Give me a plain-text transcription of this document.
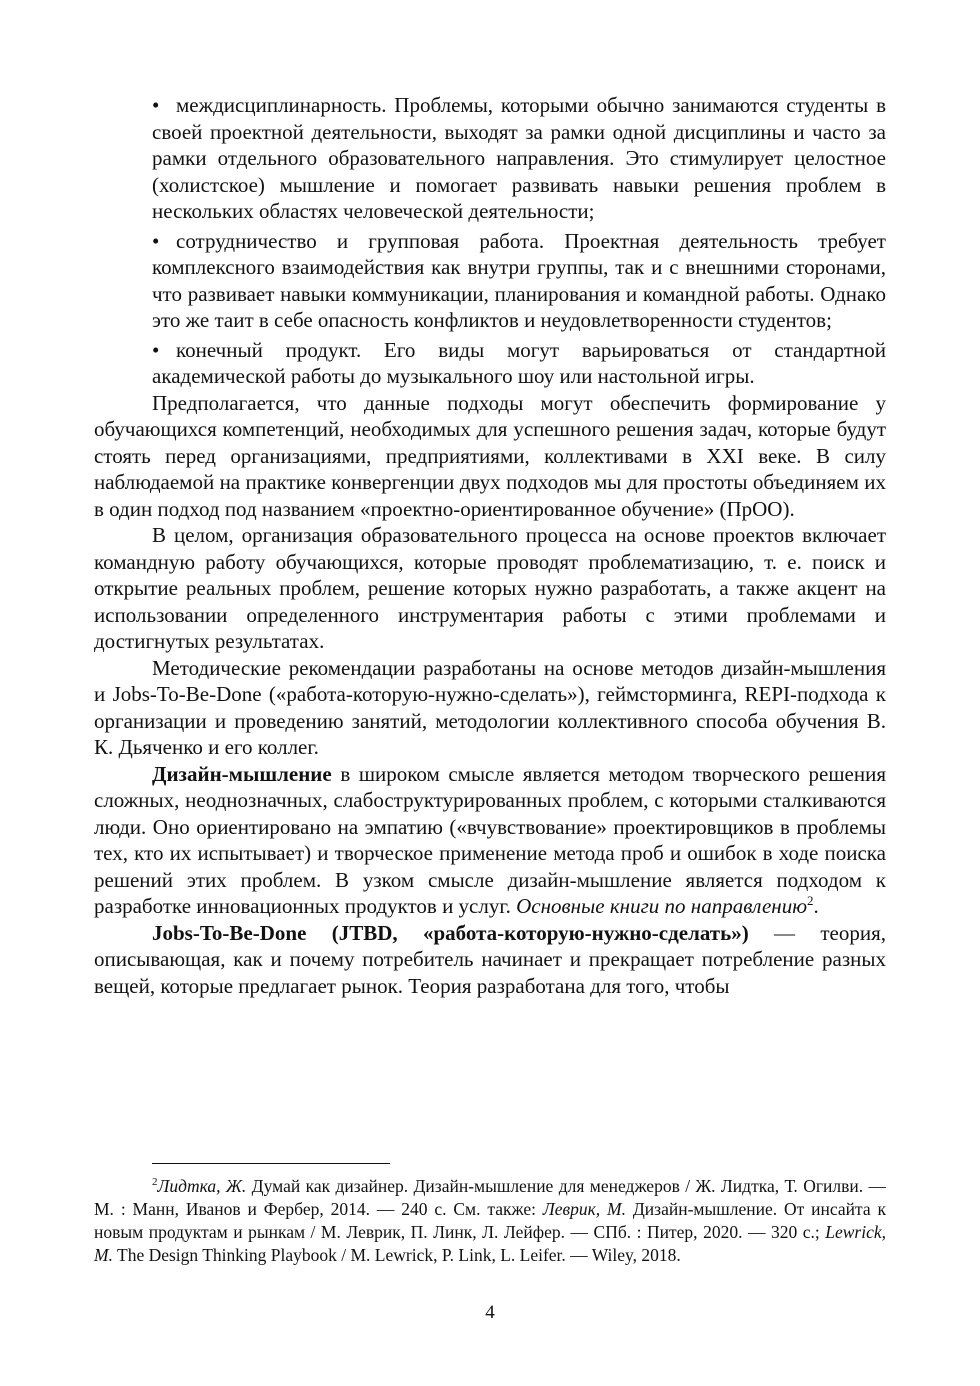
• междисциплинарность. Проблемы, которыми обычно занимаются студенты в своей проектной деятельности, выходят за рамки одной дисциплины и часто за рамки отдельного образовательного направления. Это стимулирует целостное (холистское) мышление и помогает развивать навыки решения проблем в нескольких областях человеческой деятельности;

• сотрудничество и групповая работа. Проектная деятельность требует комплексного взаимодействия как внутри группы, так и с внешними сторонами, что развивает навыки коммуникации, планирования и командной работы. Однако это же таит в себе опасность конфликтов и неудовлетворенности студентов;

• конечный продукт. Его виды могут варьироваться от стандартной академической работы до музыкального шоу или настольной игры.

Предполагается, что данные подходы могут обеспечить формирование у обучающихся компетенций, необходимых для успешного решения задач, которые будут стоять перед организациями, предприятиями, коллективами в XXI веке. В силу наблюдаемой на практике конвергенции двух подходов мы для простоты объединяем их в один подход под названием «проектно-ориентированное обучение» (ПрОО).

В целом, организация образовательного процесса на основе проектов включает командную работу обучающихся, которые проводят проблематизацию, т. е. поиск и открытие реальных проблем, решение которых нужно разработать, а также акцент на использовании определенного инструментария работы с этими проблемами и достигнутых результатах.

Методические рекомендации разработаны на основе методов дизайн-мышления и Jobs-To-Be-Done («работа-которую-нужно-сделать»), геймсторминга, REPI-подхода к организации и проведению занятий, методологии коллективного способа обучения В. К. Дьяченко и его коллег.

Дизайн-мышление в широком смысле является методом творческого решения сложных, неоднозначных, слабоструктурированных проблем, с которыми сталкиваются люди. Оно ориентировано на эмпатию («вчувствование» проектировщиков в проблемы тех, кто их испытывает) и творческое применение метода проб и ошибок в ходе поиска решений этих проблем. В узком смысле дизайн-мышление является подходом к разработке инновационных продуктов и услуг. Основные книги по направлению$^2$.

Jobs-To-Be-Done (JTBD, «работа-которую-нужно-сделать») — теория, описывающая, как и почему потребитель начинает и прекращает потребление разных вещей, которые предлагает рынок. Теория разработана для того, чтобы

$^2$Лидтка, Ж. Думай как дизайнер. Дизайн-мышление для менеджеров / Ж. Лидтка, Т. Огилви. — М. : Манн, Иванов и Фербер, 2014. — 240 с. См. также: Леврик, М. Дизайн-мышление. От инсайта к новым продуктам и рынкам / М. Леврик, П. Линк, Л. Лейфер. — СПб. : Питер, 2020. — 320 с.; Lewrick, M. The Design Thinking Playbook / M. Lewrick, P. Link, L. Leifer. — Wiley, 2018.

4
